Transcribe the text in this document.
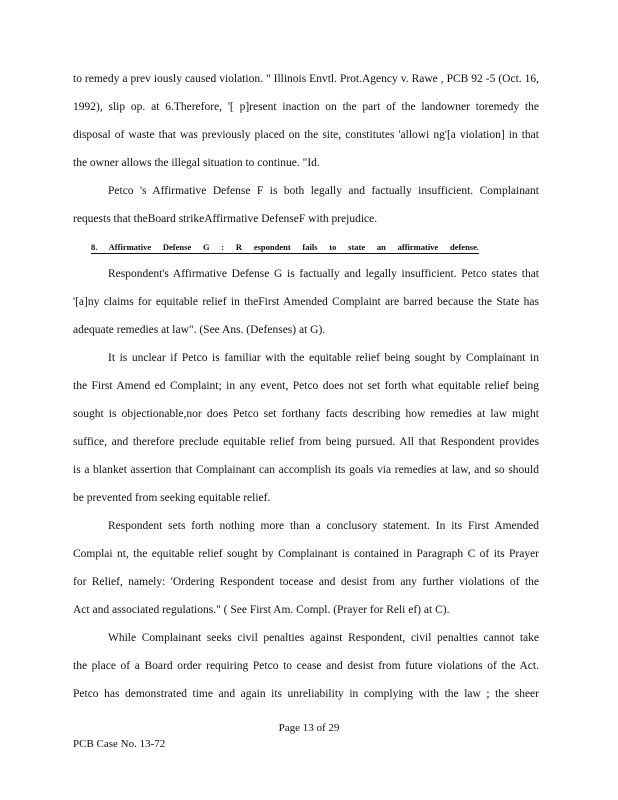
to remedy a prev iously caused violation. " Illinois Envtl. Prot.Agency v. Rawe , PCB 92 -5 (Oct. 16,
1992), slip op. at 6.Therefore, '[ p]resent inaction on the part of the landowner toremedy the
disposal of waste that was previously placed on the site, constitutes 'allowi ng'[a violation] in that
the owner allows the illegal situation to continue. "Id.
Petco 's Affirmative Defense F is both legally and factually insufficient. Complainant
requests that theBoard strikeAffirmative DefenseF with prejudice.
8. Affirmative Defense G : R espondent fails to state an affirmative defense.
Respondent's Affirmative Defense G is factually and legally insufficient. Petco states that
'[a]ny claims for equitable relief in theFirst Amended Complaint are barred because the State has
adequate remedies at law". (See Ans. (Defenses) at G).
It is unclear if Petco is familiar with the equitable relief being sought by Complainant in
the First Amend ed Complaint; in any event, Petco does not set forth what equitable relief being
sought is objectionable,nor does Petco set forthany facts describing how remedies at law might
suffice, and therefore preclude equitable relief from being pursued. All that Respondent provides
is a blanket assertion that Complainant can accomplish its goals via remedies at law, and so should
be prevented from seeking equitable relief.
Respondent sets forth nothing more than a conclusory statement. In its First Amended
Complai nt, the equitable relief sought by Complainant is contained in Paragraph C of its Prayer
for Relief, namely: 'Ordering Respondent tocease and desist from any further violations of the
Act and associated regulations." ( See First Am. Compl. (Prayer for Reli ef) at C).
While Complainant seeks civil penalties against Respondent, civil penalties cannot take
the place of a Board order requiring Petco to cease and desist from future violations of the Act.
Petco has demonstrated time and again its unreliability in complying with the law ; the sheer
Page 13 of 29
PCB Case No. 13-72
